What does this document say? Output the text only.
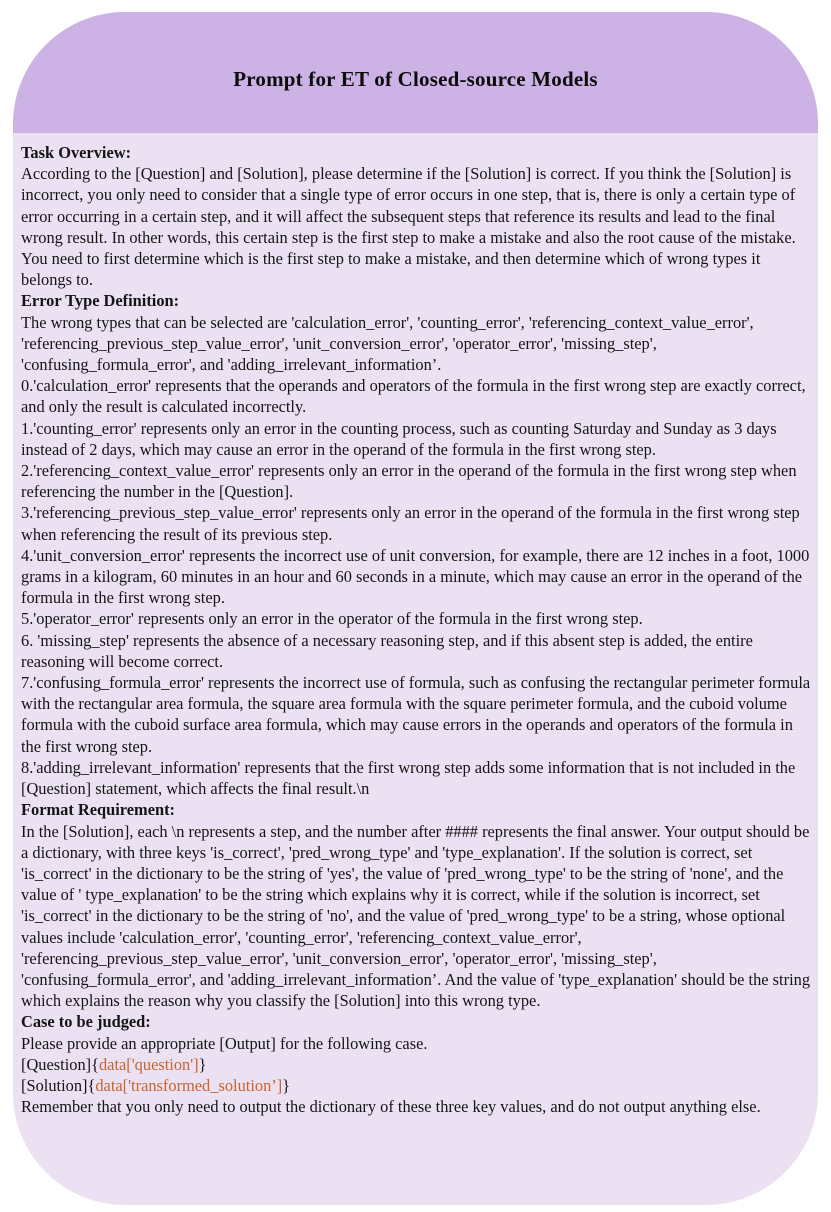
Prompt for ET of Closed-source Models
Task Overview:
According to the [Question] and [Solution], please determine if the [Solution] is correct. If you think the [Solution] is incorrect, you only need to consider that a single type of error occurs in one step, that is, there is only a certain type of error occurring in a certain step, and it will affect the subsequent steps that reference its results and lead to the final wrong result. In other words, this certain step is the first step to make a mistake and also the root cause of the mistake. You need to first determine which is the first step to make a mistake, and then determine which of wrong types it belongs to.
Error Type Definition:
The wrong types that can be selected are 'calculation_error', 'counting_error', 'referencing_context_value_error', 'referencing_previous_step_value_error', 'unit_conversion_error', 'operator_error', 'missing_step', 'confusing_formula_error', and 'adding_irrelevant_information’.
0.'calculation_error' represents that the operands and operators of the formula in the first wrong step are exactly correct, and only the result is calculated incorrectly.
1.'counting_error' represents only an error in the counting process, such as counting Saturday and Sunday as 3 days instead of 2 days, which may cause an error in the operand of the formula in the first wrong step.
2.'referencing_context_value_error' represents only an error in the operand of the formula in the first wrong step when referencing the number in the [Question].
3.'referencing_previous_step_value_error' represents only an error in the operand of the formula in the first wrong step when referencing the result of its previous step.
4.'unit_conversion_error' represents the incorrect use of unit conversion, for example, there are 12 inches in a foot, 1000 grams in a kilogram, 60 minutes in an hour and 60 seconds in a minute, which may cause an error in the operand of the formula in the first wrong step.
5.'operator_error' represents only an error in the operator of the formula in the first wrong step.
6. 'missing_step' represents the absence of a necessary reasoning step, and if this absent step is added, the entire reasoning will become correct.
7.'confusing_formula_error' represents the incorrect use of formula, such as confusing the rectangular perimeter formula with the rectangular area formula, the square area formula with the square perimeter formula, and the cuboid volume formula with the cuboid surface area formula, which may cause errors in the operands and operators of the formula in the first wrong step.
8.'adding_irrelevant_information' represents that the first wrong step adds some information that is not included in the [Question] statement, which affects the final result.\n
Format Requirement:
In the [Solution], each \n represents a step, and the number after #### represents the final answer. Your output should be a dictionary, with three keys 'is_correct', 'pred_wrong_type' and 'type_explanation'. If the solution is correct, set 'is_correct' in the dictionary to be the string of 'yes', the value of 'pred_wrong_type' to be the string of 'none', and the value of ' type_explanation' to be the string which explains why it is correct, while if the solution is incorrect, set 'is_correct' in the dictionary to be the string of 'no', and the value of 'pred_wrong_type' to be a string, whose optional values include 'calculation_error', 'counting_error', 'referencing_context_value_error', 'referencing_previous_step_value_error', 'unit_conversion_error', 'operator_error', 'missing_step', 'confusing_formula_error', and 'adding_irrelevant_information’. And the value of 'type_explanation' should be the string which explains the reason why you classify the [Solution] into this wrong type.
Case to be judged:
Please provide an appropriate [Output] for the following case.
[Question]{data['question']}
[Solution]{data['transformed_solution’]}
Remember that you only need to output the dictionary of these three key values, and do not output anything else.
